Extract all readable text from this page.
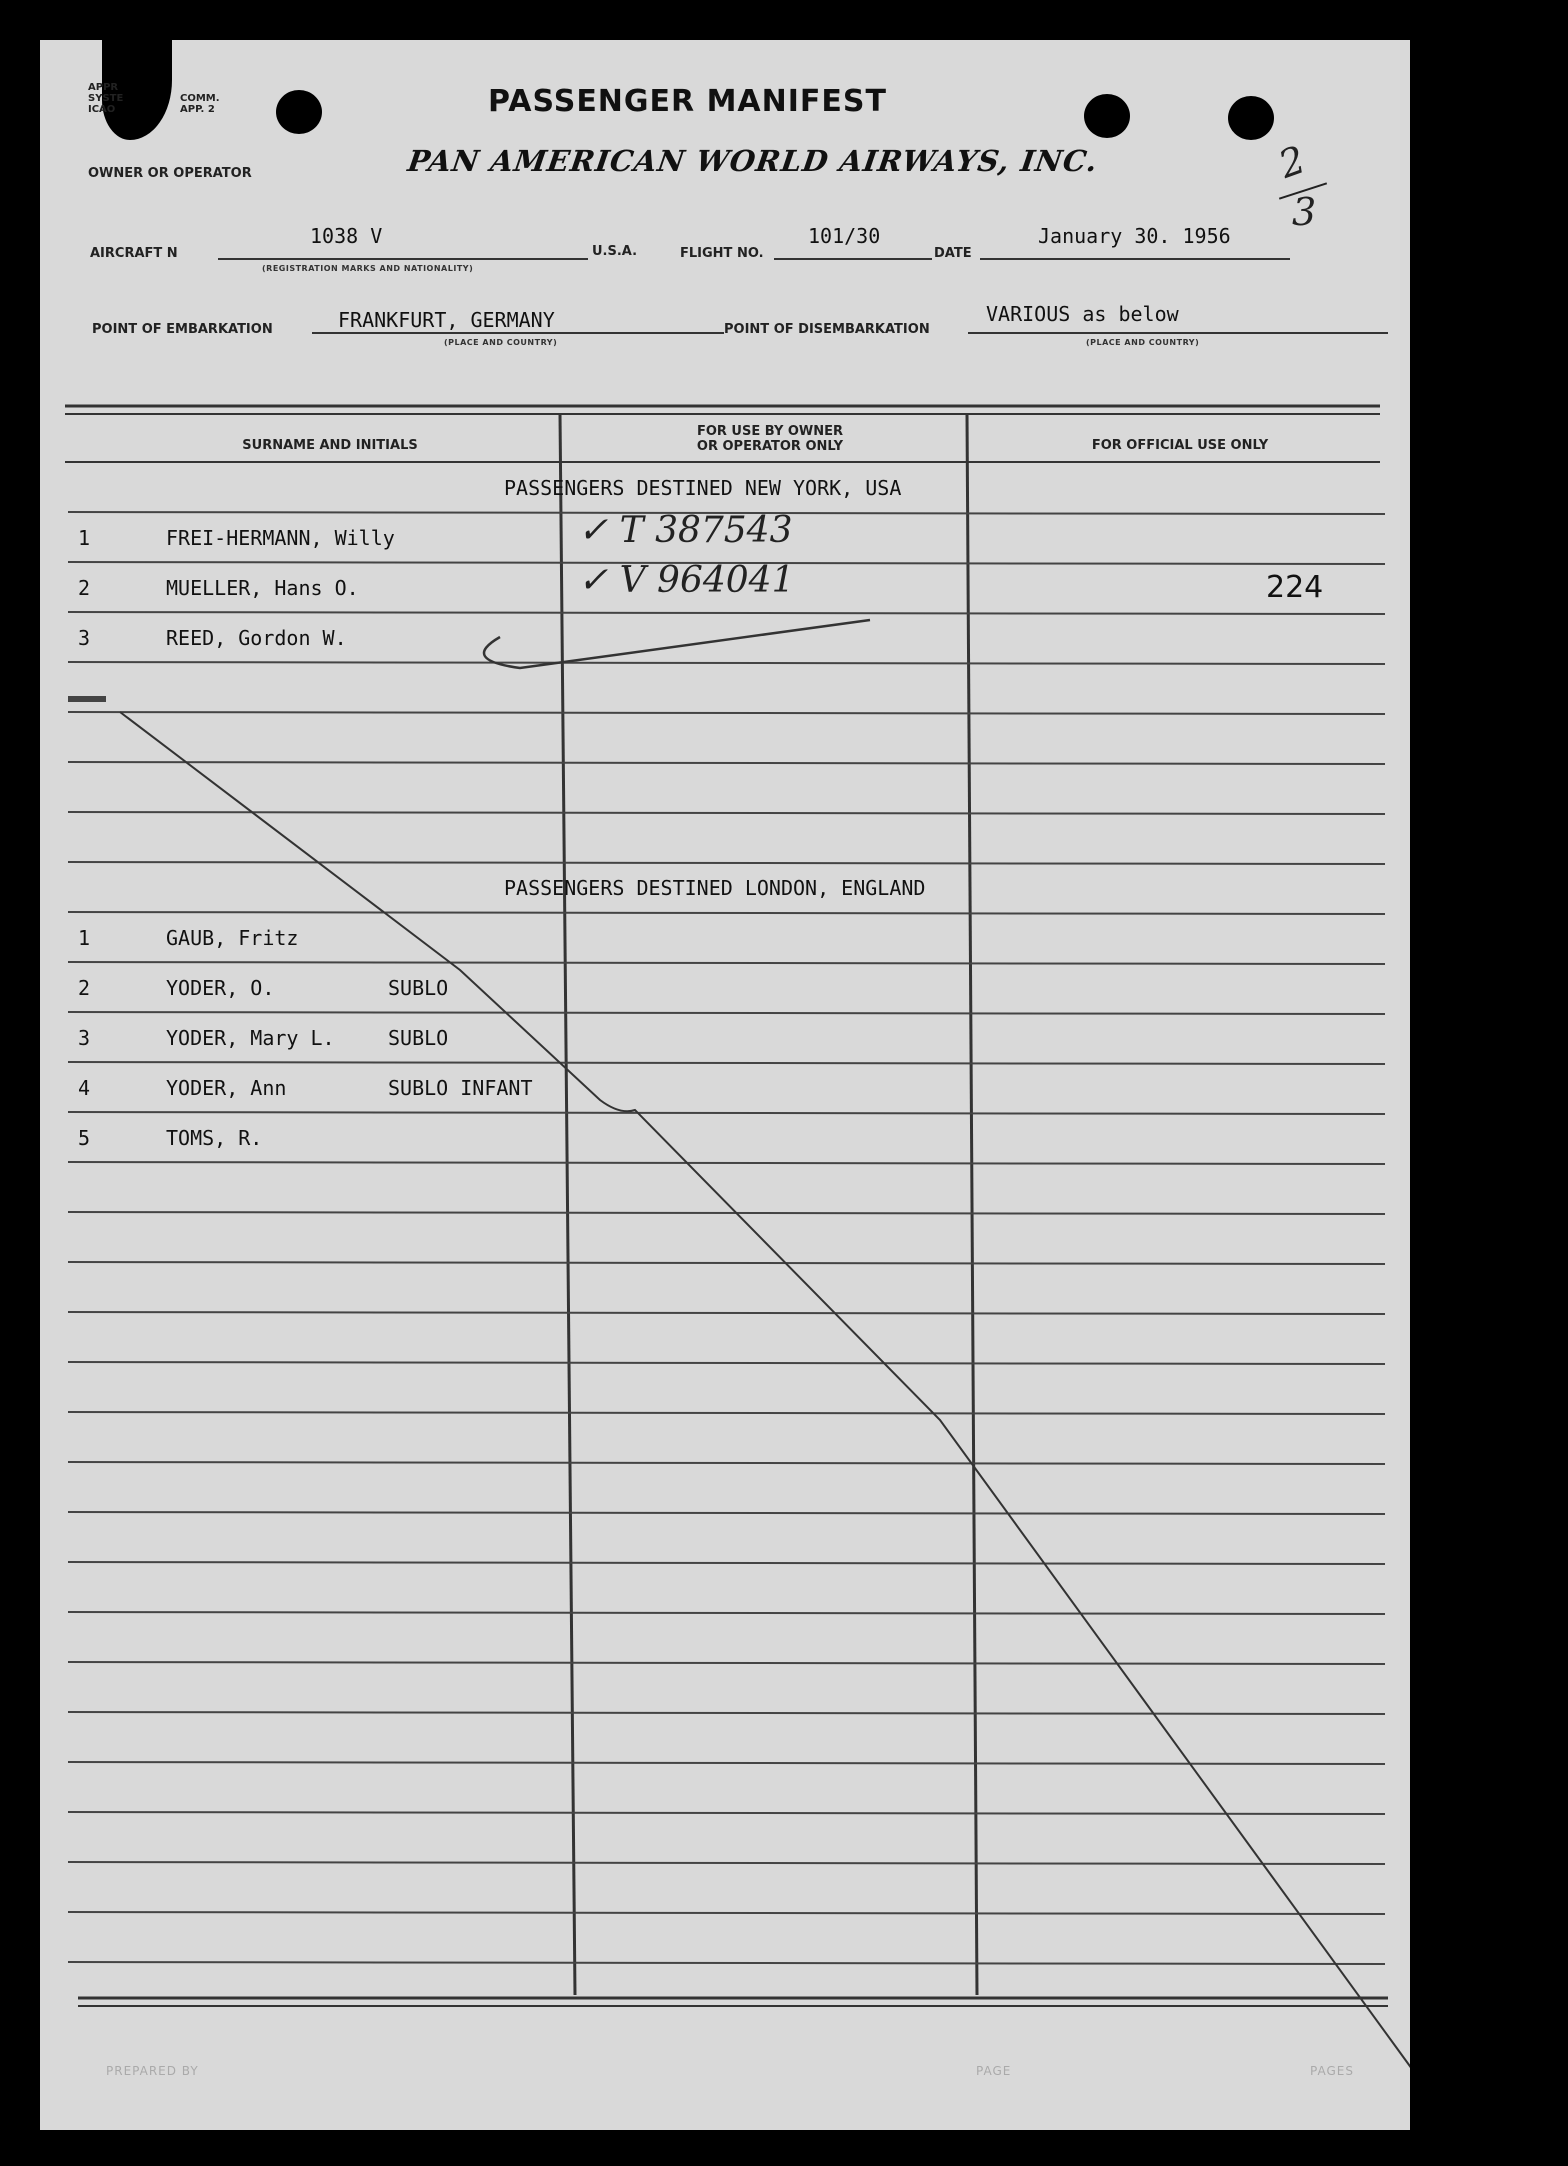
APPR
SYSTE
ICAO
COMM.
APP. 2	PASSENGER MANIFEST
OWNER OR OPERATOR	PAN AMERICAN WORLD AIRWAYS, INC.	2
3
AIRCRAFT N
1038 V
(REGISTRATION MARKS AND NATIONALITY)
U.S.A.	FLIGHT NO.
101/30
DATE
January 30. 1956
POINT OF EMBARKATION	FRANKFURT, GERMANY
(PLACE AND COUNTRY)
POINT OF DISEMBARKATION
VARIOUS as below
(PLACE AND COUNTRY)
SURNAME AND INITIALS
FOR USE BY OWNER
OR OPERATOR ONLY	FOR OFFICIAL USE ONLY
PASSENGERS DESTINED NEW YORK, USA
1	FREI-HERMANN, Willy	✓ T 387543
2	MUELLER, Hans O.	✓ V 964041	224
3	REED, Gordon W.
PASSENGERS DESTINED LONDON, ENGLAND
1	GAUB, Fritz
2	YODER, O.	SUBLO
3	YODER, Mary L.	SUBLO
4	YODER, Ann	SUBLO INFANT
5	TOMS, R.
PREPARED BY	PAGE	PAGES
